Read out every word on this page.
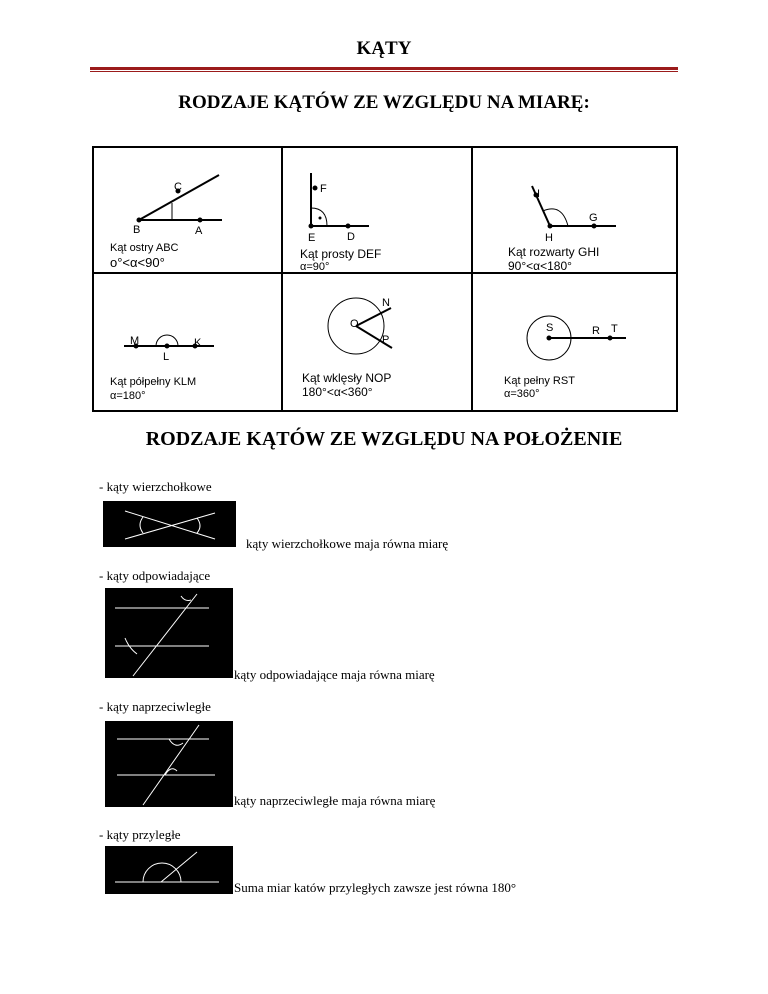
KĄTY
RODZAJE KĄTÓW ZE WZGLĘDU NA MIARĘ:
C
B	A
F
E	D
I
G
H
M	K
L
N
O
P
S	R T
Kąt ostry ABC
o°<α<90°
Kąt prosty DEF
α=90°
Kąt rozwarty GHI
90°<α<180°
Kąt półpełny KLM
α=180°
Kąt wklęsły NOP
180°<α<360°
Kąt pełny RST
α=360°
RODZAJE KĄTÓW ZE WZGLĘDU NA POŁOŻENIE
- kąty wierzchołkowe
kąty wierzchołkowe maja równa miarę
- kąty odpowiadające
kąty odpowiadające maja równa miarę
- kąty naprzeciwległe
kąty naprzeciwległe maja równa miarę
- kąty przyległe
Suma miar katów przyległych zawsze jest równa 180°
